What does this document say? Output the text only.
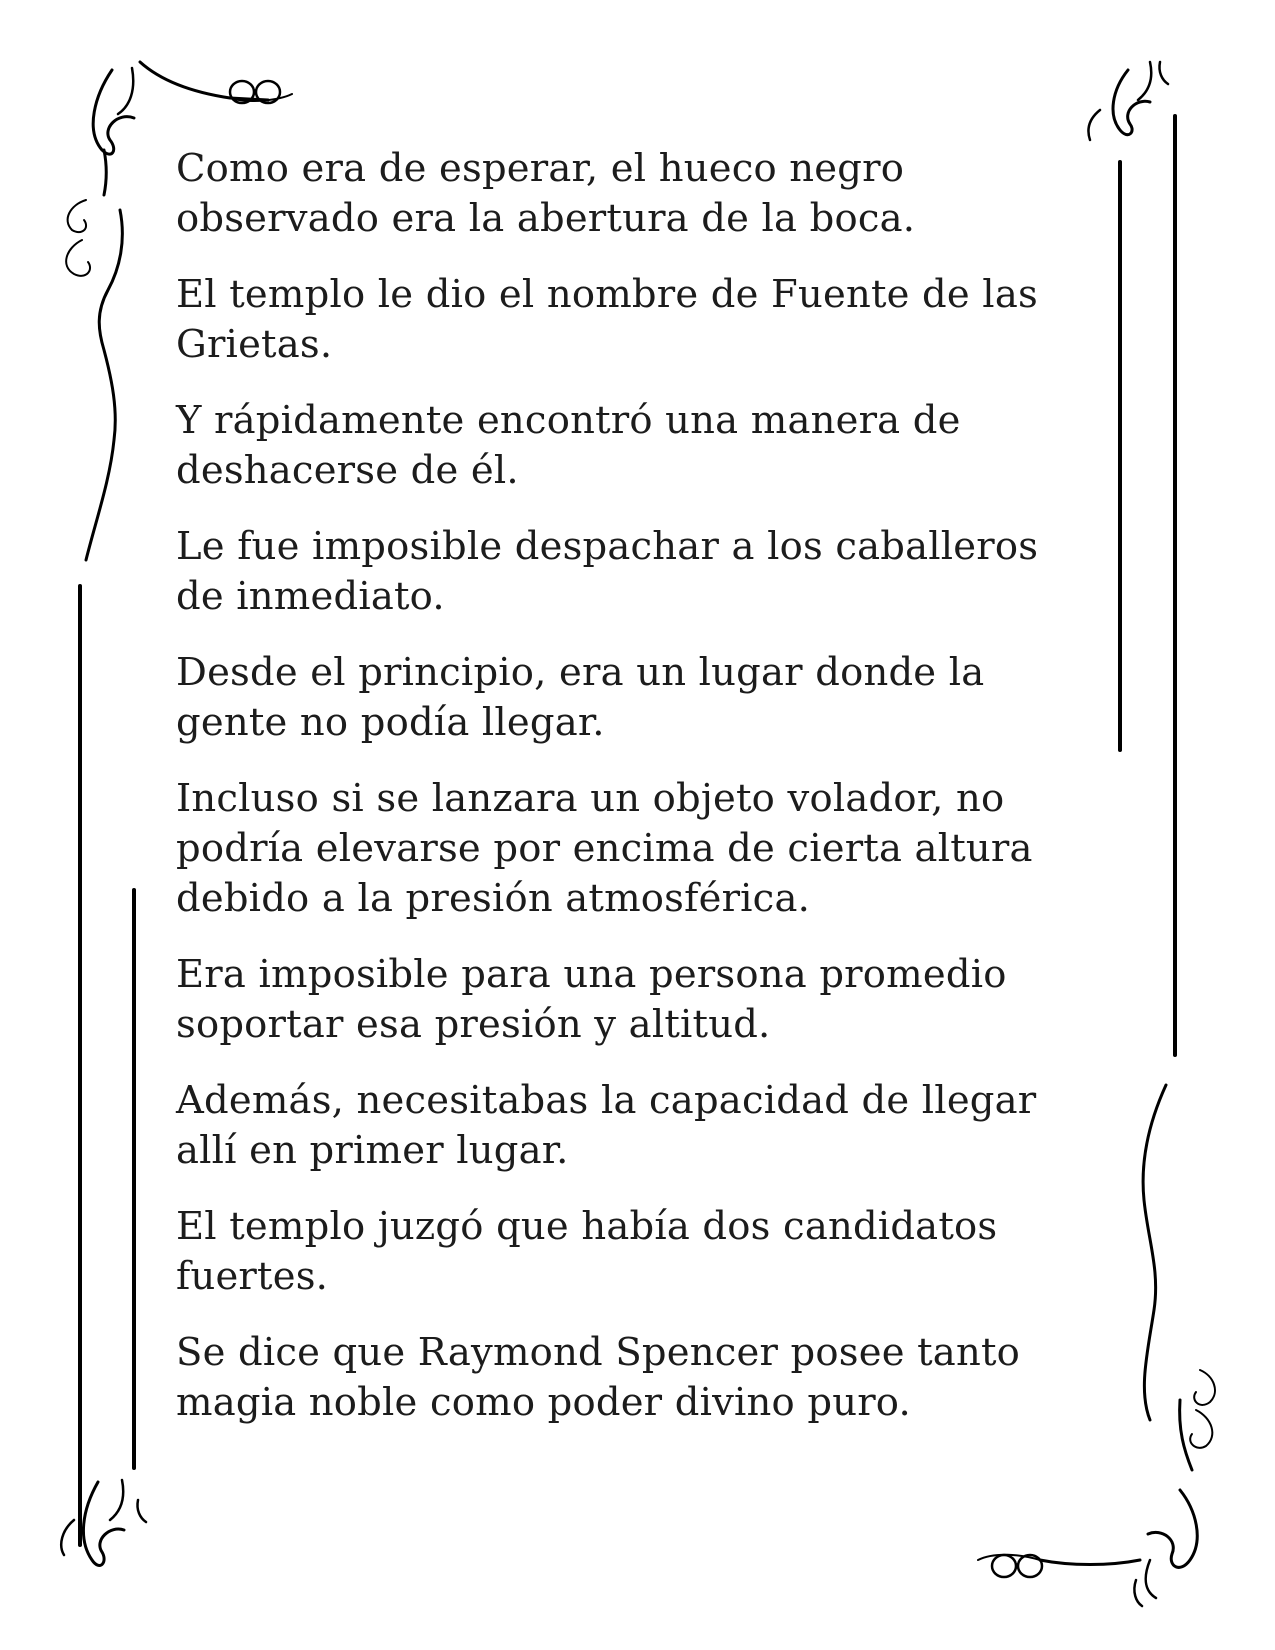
Como era de esperar, el hueco negro observado era la abertura de la boca.

El templo le dio el nombre de Fuente de las Grietas.

Y rápidamente encontró una manera de deshacerse de él.

Le fue imposible despachar a los caballeros de inmediato.

Desde el principio, era un lugar donde la gente no podía llegar.

Incluso si se lanzara un objeto volador, no podría elevarse por encima de cierta altura debido a la presión atmosférica.

Era imposible para una persona promedio soportar esa presión y altitud.

Además, necesitabas la capacidad de llegar allí en primer lugar.

El templo juzgó que había dos candidatos fuertes.

Se dice que Raymond Spencer posee tanto magia noble como poder divino puro.
